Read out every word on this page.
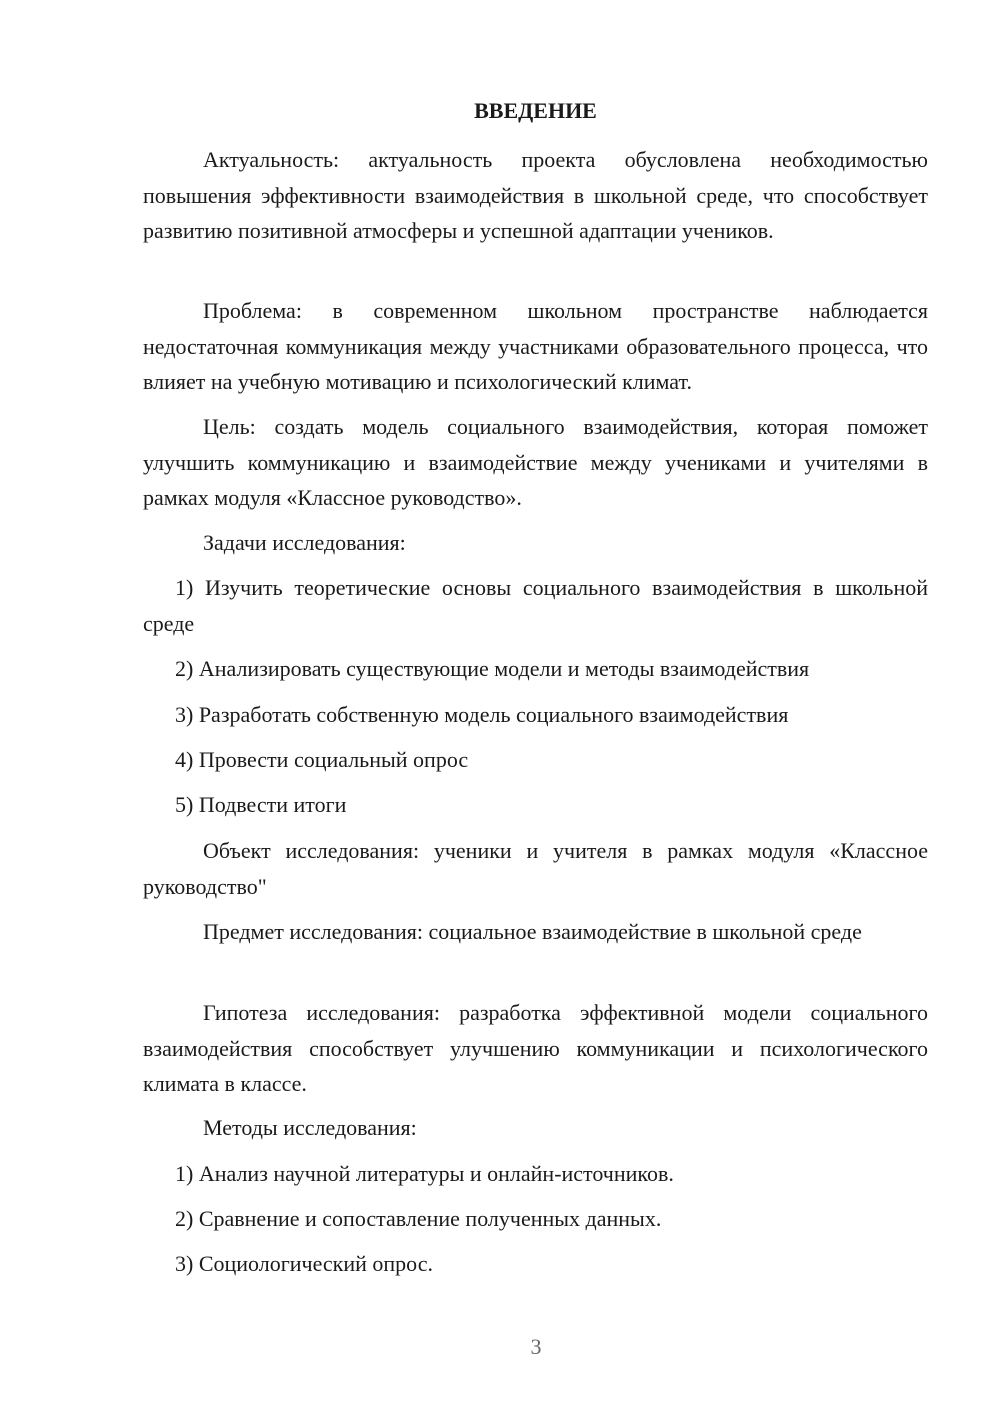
ВВЕДЕНИЕ

Актуальность: актуальность проекта обусловлена необходимостью повышения эффективности взаимодействия в школьной среде, что способствует развитию позитивной атмосферы и успешной адаптации учеников.

Проблема: в современном школьном пространстве наблюдается недостаточная коммуникация между участниками образовательного процесса, что влияет на учебную мотивацию и психологический климат.

Цель: создать модель социального взаимодействия, которая поможет улучшить коммуникацию и взаимодействие между учениками и учителями в рамках модуля «Классное руководство».

Задачи исследования:

1) Изучить теоретические основы социального взаимодействия в школьной среде

2) Анализировать существующие модели и методы взаимодействия

3) Разработать собственную модель социального взаимодействия

4) Провести социальный опрос

5) Подвести итоги

Объект исследования: ученики и учителя в рамках модуля «Классное руководство"

Предмет исследования: социальное взаимодействие в школьной среде

Гипотеза исследования: разработка эффективной модели социального взаимодействия способствует улучшению коммуникации и психологического климата в классе.

Методы исследования:

1) Анализ научной литературы и онлайн-источников.

2) Сравнение и сопоставление полученных данных.

3) Социологический опрос.

3
